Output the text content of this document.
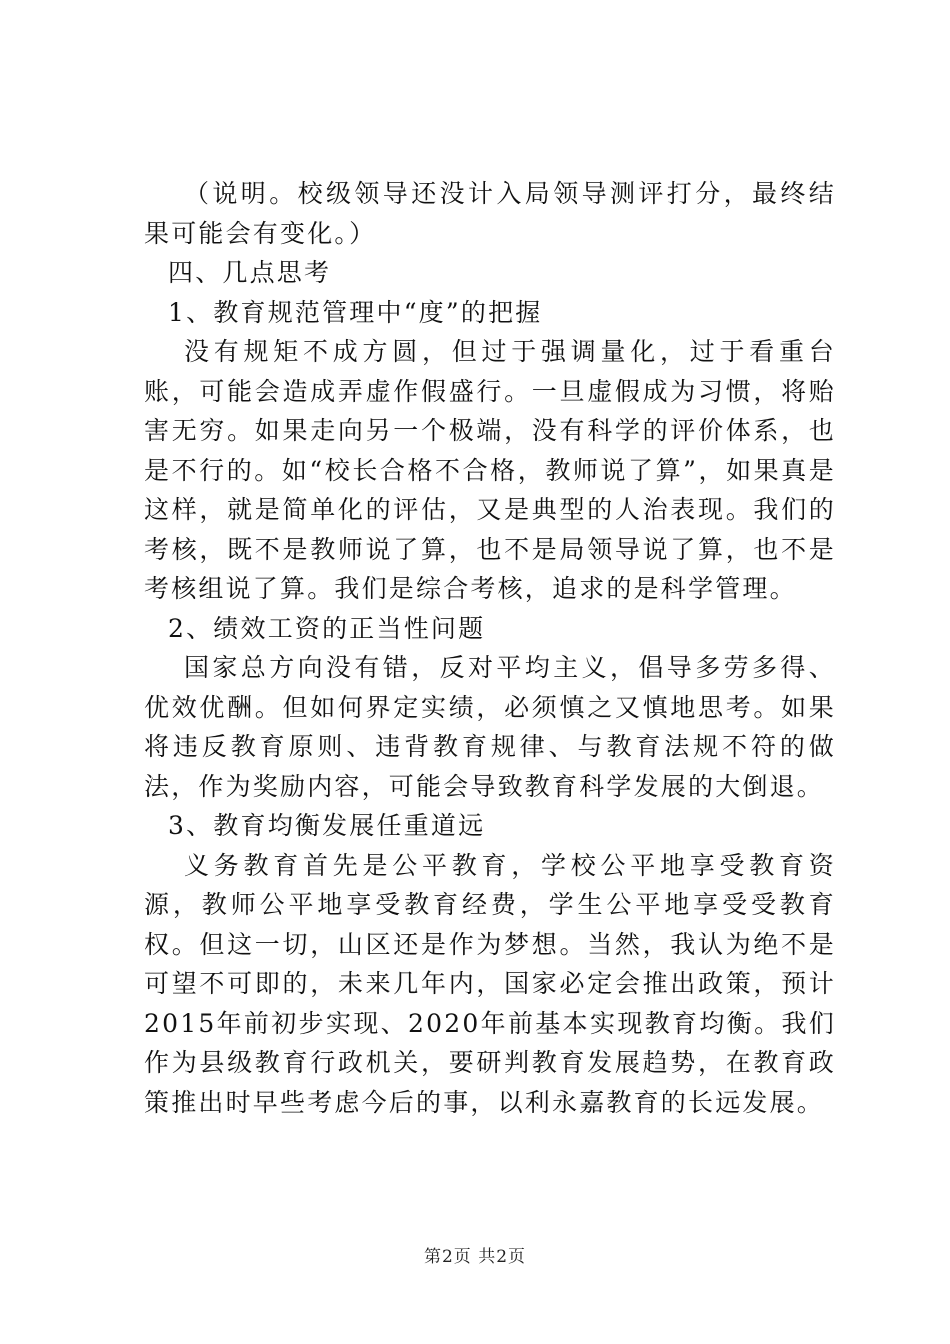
（说明。校级领导还没计入局领导测评打分，最终结果可能会有变化。）

四、几点思考

1、教育规范管理中“度”的把握

没有规矩不成方圆，但过于强调量化，过于看重台账，可能会造成弄虚作假盛行。一旦虚假成为习惯，将贻害无穷。如果走向另一个极端，没有科学的评价体系，也是不行的。如“校长合格不合格，教师说了算”，如果真是这样，就是简单化的评估，又是典型的人治表现。我们的考核，既不是教师说了算，也不是局领导说了算，也不是考核组说了算。我们是综合考核，追求的是科学管理。

2、绩效工资的正当性问题

国家总方向没有错，反对平均主义，倡导多劳多得、优效优酬。但如何界定实绩，必须慎之又慎地思考。如果将违反教育原则、违背教育规律、与教育法规不符的做法，作为奖励内容，可能会导致教育科学发展的大倒退。

3、教育均衡发展任重道远

义务教育首先是公平教育，学校公平地享受教育资源，教师公平地享受教育经费，学生公平地享受受教育权。但这一切，山区还是作为梦想。当然，我认为绝不是可望不可即的，未来几年内，国家必定会推出政策，预计2015年前初步实现、2020年前基本实现教育均衡。我们作为县级教育行政机关，要研判教育发展趋势，在教育政策推出时早些考虑今后的事，以利永嘉教育的长远发展。

第2页 共2页
